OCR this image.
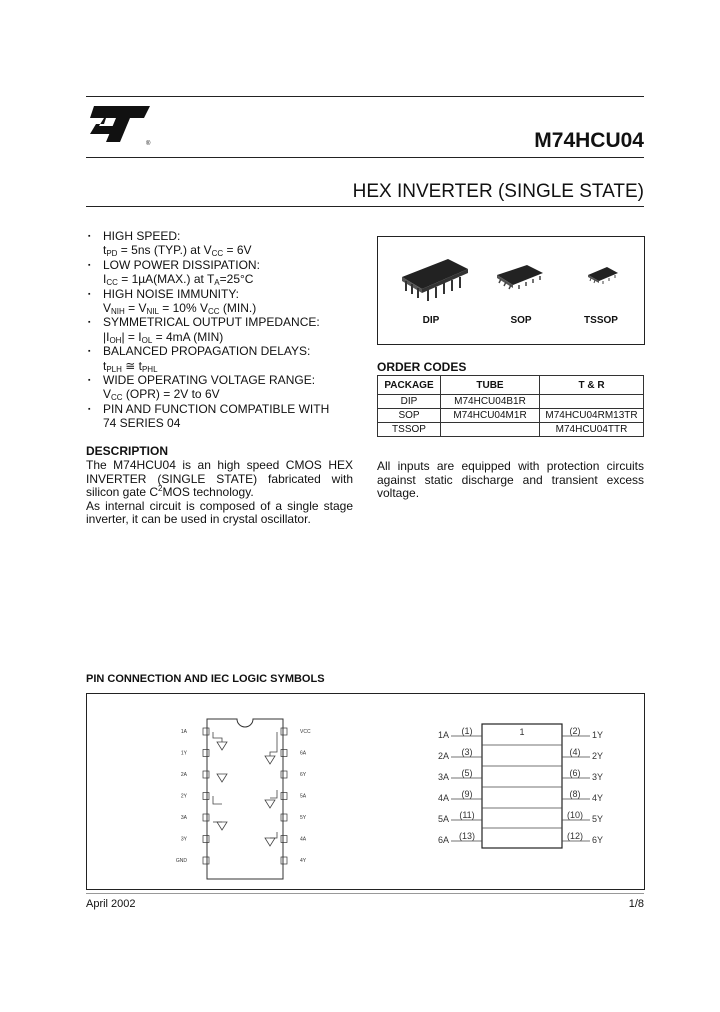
®	M74HCU04
HEX INVERTER (SINGLE STATE)
▪ HIGH SPEED:
$t_{PD} = 5ns$ (TYP.) at $V_{CC} = 6V$
▪ LOW POWER DISSIPATION:
$I_{CC} = 1\mu A(MAX.)$ at $T_A=25^\circ C$
▪ HIGH NOISE IMMUNITY:
$V_{NIH} = V_{NIL} = 10\%$ $V_{CC}$ (MIN.)
▪ SYMMETRICAL OUTPUT IMPEDANCE:
$|I_{OH}| = I_{OL} = 4mA$ (MIN)
▪ BALANCED PROPAGATION DELAYS:
$t_{PLH}$ ≅ $t_{PHL}$
▪ WIDE OPERATING VOLTAGE RANGE:
$V_{CC}$ (OPR) = 2V to 6V
▪ PIN AND FUNCTION COMPATIBLE WITH
74 SERIES 04
DIP	SOP	TSSOP
ORDER CODES
PACKAGE	TUBE	T & R
DIP	M74HCU04B1R	
SOP	M74HCU04M1R	M74HCU04RM13TR
TSSOP		M74HCU04TTR
DESCRIPTION
The M74HCU04 is an high speed CMOS HEX INVERTER (SINGLE STATE) fabricated with silicon gate $C^2MOS$ technology.
As internal circuit is composed of a single stage inverter, it can be used in crystal oscillator.
All inputs are equipped with protection circuits against static discharge and transient excess voltage.
PIN CONNECTION AND IEC LOGIC SYMBOLS
1A
1Y
2A
2Y
3A
3Y
GND
VCC
6A
6Y
5A
5Y
4A
4Y
1
1A (1)	(2) 1Y
2A (3)	(4) 2Y
3A (5)	(6) 3Y
4A (9)	(8) 4Y
5A (11)	(10) 5Y
6A (13)	(12) 6Y
April 2002	1/8
